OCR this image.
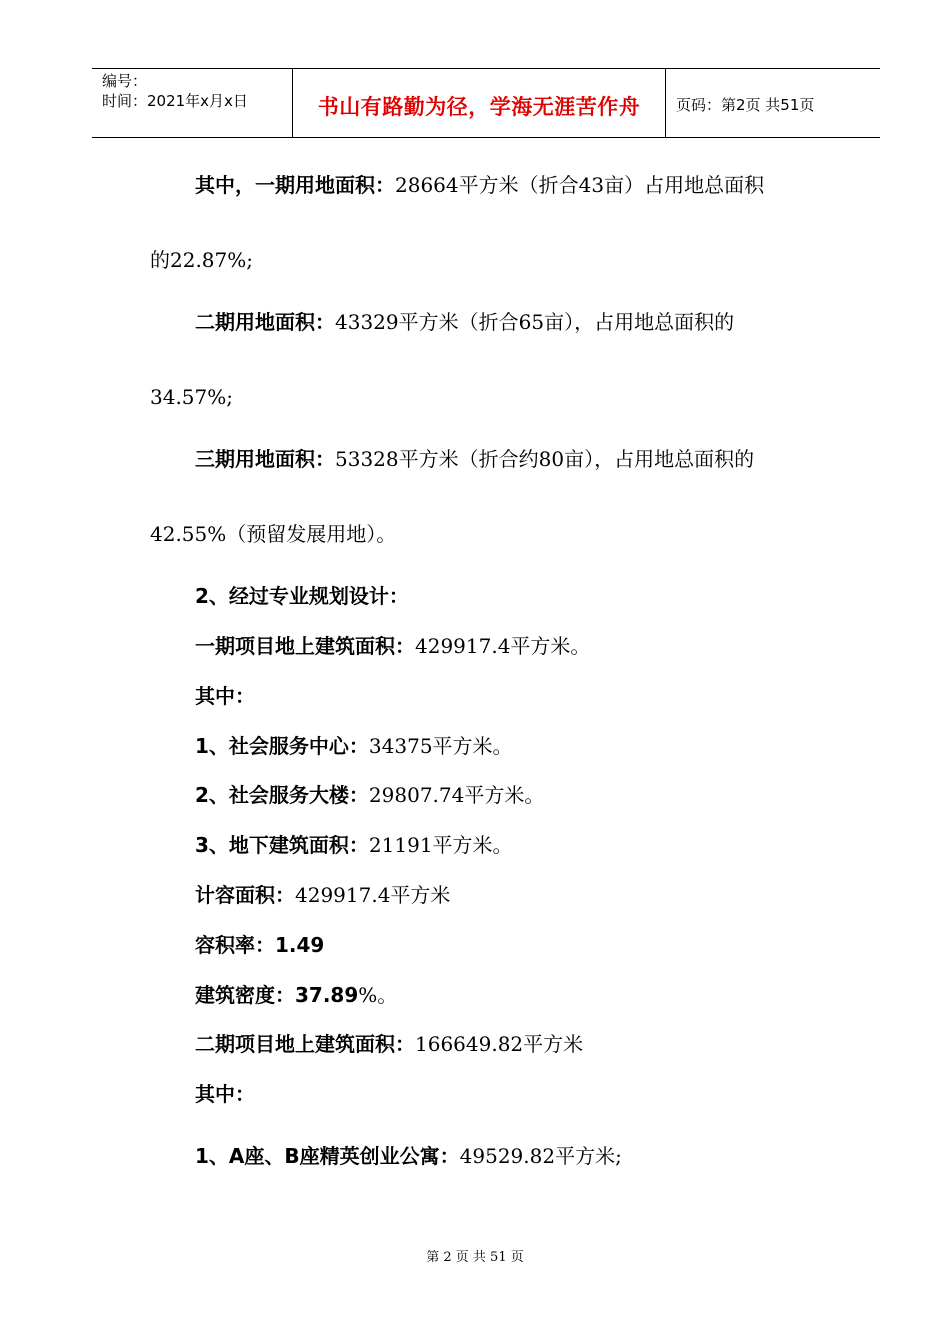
编号：
时间：2021年x月x日	书山有路勤为径，学海无涯苦作舟	页码：第2页 共51页
其中，一期用地面积：28664平方米（折合43亩）占用地总面积
的22.87%;
二期用地面积：43329平方米（折合65亩），占用地总面积的
34.57%;
三期用地面积：53328平方米（折合约80亩），占用地总面积的
42.55%（预留发展用地）。
2、经过专业规划设计：
一期项目地上建筑面积：429917.4平方米。
其中：
1、社会服务中心：34375平方米。
2、社会服务大楼：29807.74平方米。
3、地下建筑面积：21191平方米。
计容面积：429917.4平方米
容积率：1.49
建筑密度：37.89%。
二期项目地上建筑面积：166649.82平方米
其中：
1、A座、B座精英创业公寓：49529.82平方米;
第 2 页 共 51 页
